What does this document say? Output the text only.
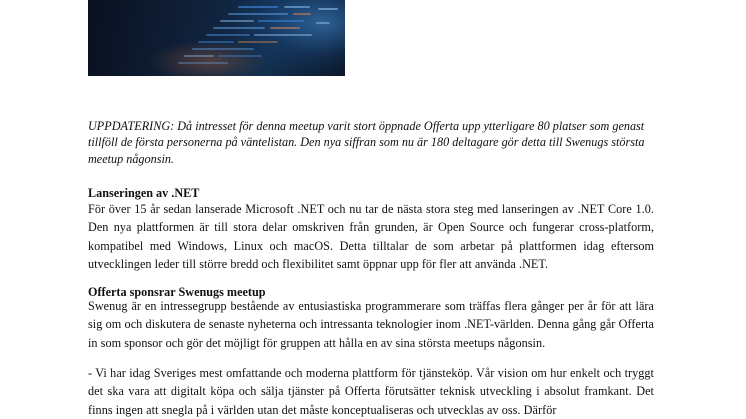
UPPDATERING: Då intresset för denna meetup varit stort öppnade Offerta upp ytterligare 80 platser som genast tillföll de första personerna på väntelistan. Den nya siffran som nu är 180 deltagare gör detta till Swenugs största meetup någonsin.

Lanseringen av .NET

För över 15 år sedan lanserade Microsoft .NET och nu tar de nästa stora steg med lanseringen av .NET Core 1.0. Den nya plattformen är till stora delar omskriven från grunden, är Open Source och fungerar cross-platform, kompatibel med Windows, Linux och macOS. Detta tilltalar de som arbetar på plattformen idag eftersom utvecklingen leder till större bredd och flexibilitet samt öppnar upp för fler att använda .NET.

Offerta sponsrar Swenugs meetup

Swenug är en intressegrupp bestående av entusiastiska programmerare som träffas flera gånger per år för att lära sig om och diskutera de senaste nyheterna och intressanta teknologier inom .NET-världen. Denna gång går Offerta in som sponsor och gör det möjligt för gruppen att hålla en av sina största meetups någonsin.

- Vi har idag Sveriges mest omfattande och moderna plattform för tjänsteköp. Vår vision om hur enkelt och tryggt det ska vara att digitalt köpa och sälja tjänster på Offerta förutsätter teknisk utveckling i absolut framkant. Det finns ingen att snegla på i världen utan det måste konceptualiseras och utvecklas av oss. Därför
